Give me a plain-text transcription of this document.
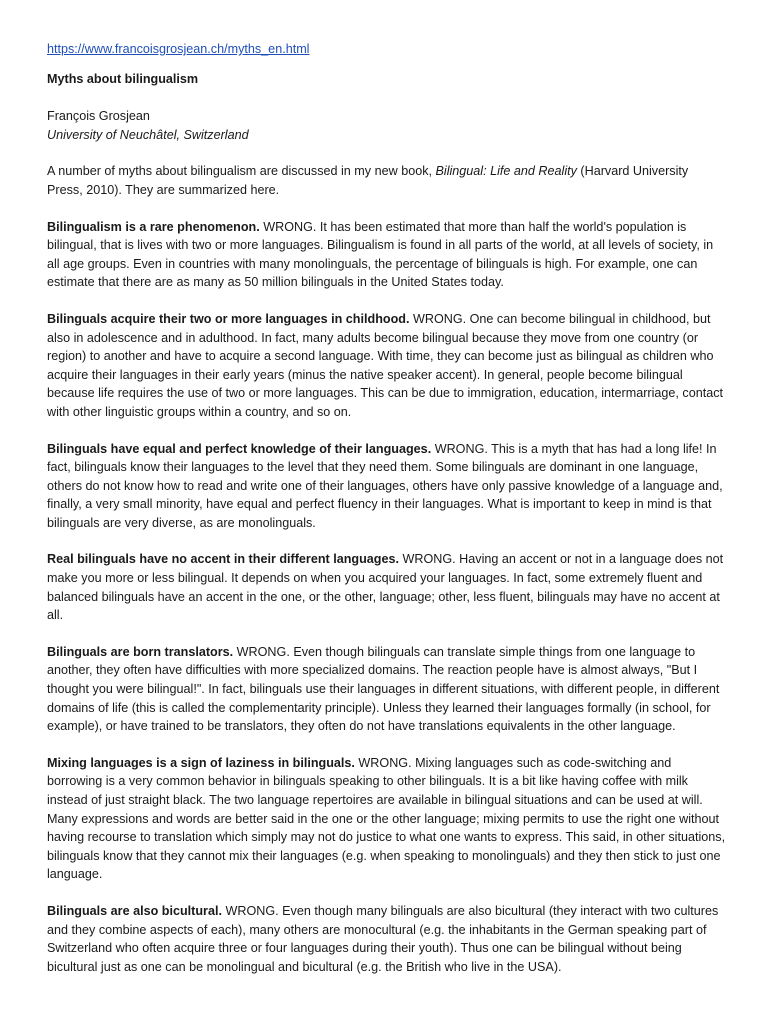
https://www.francoisgrosjean.ch/myths_en.html

Myths about bilingualism

François Grosjean

University of Neuchâtel, Switzerland

A number of myths about bilingualism are discussed in my new book, Bilingual: Life and Reality (Harvard University Press, 2010). They are summarized here.

Bilingualism is a rare phenomenon. WRONG. It has been estimated that more than half the world's population is bilingual, that is lives with two or more languages. Bilingualism is found in all parts of the world, at all levels of society, in all age groups. Even in countries with many monolinguals, the percentage of bilinguals is high. For example, one can estimate that there are as many as 50 million bilinguals in the United States today.

Bilinguals acquire their two or more languages in childhood. WRONG. One can become bilingual in childhood, but also in adolescence and in adulthood. In fact, many adults become bilingual because they move from one country (or region) to another and have to acquire a second language. With time, they can become just as bilingual as children who acquire their languages in their early years (minus the native speaker accent). In general, people become bilingual because life requires the use of two or more languages. This can be due to immigration, education, intermarriage, contact with other linguistic groups within a country, and so on.

Bilinguals have equal and perfect knowledge of their languages. WRONG. This is a myth that has had a long life! In fact, bilinguals know their languages to the level that they need them. Some bilinguals are dominant in one language, others do not know how to read and write one of their languages, others have only passive knowledge of a language and, finally, a very small minority, have equal and perfect fluency in their languages. What is important to keep in mind is that bilinguals are very diverse, as are monolinguals.

Real bilinguals have no accent in their different languages. WRONG. Having an accent or not in a language does not make you more or less bilingual. It depends on when you acquired your languages. In fact, some extremely fluent and balanced bilinguals have an accent in the one, or the other, language; other, less fluent, bilinguals may have no accent at all.

Bilinguals are born translators. WRONG. Even though bilinguals can translate simple things from one language to another, they often have difficulties with more specialized domains. The reaction people have is almost always, "But I thought you were bilingual!". In fact, bilinguals use their languages in different situations, with different people, in different domains of life (this is called the complementarity principle). Unless they learned their languages formally (in school, for example), or have trained to be translators, they often do not have translations equivalents in the other language.

Mixing languages is a sign of laziness in bilinguals. WRONG. Mixing languages such as code-switching and borrowing is a very common behavior in bilinguals speaking to other bilinguals. It is a bit like having coffee with milk instead of just straight black. The two language repertoires are available in bilingual situations and can be used at will. Many expressions and words are better said in the one or the other language; mixing permits to use the right one without having recourse to translation which simply may not do justice to what one wants to express. This said, in other situations, bilinguals know that they cannot mix their languages (e.g. when speaking to monolinguals) and they then stick to just one language.

Bilinguals are also bicultural. WRONG. Even though many bilinguals are also bicultural (they interact with two cultures and they combine aspects of each), many others are monocultural (e.g. the inhabitants in the German speaking part of Switzerland who often acquire three or four languages during their youth). Thus one can be bilingual without being bicultural just as one can be monolingual and bicultural (e.g. the British who live in the USA).
